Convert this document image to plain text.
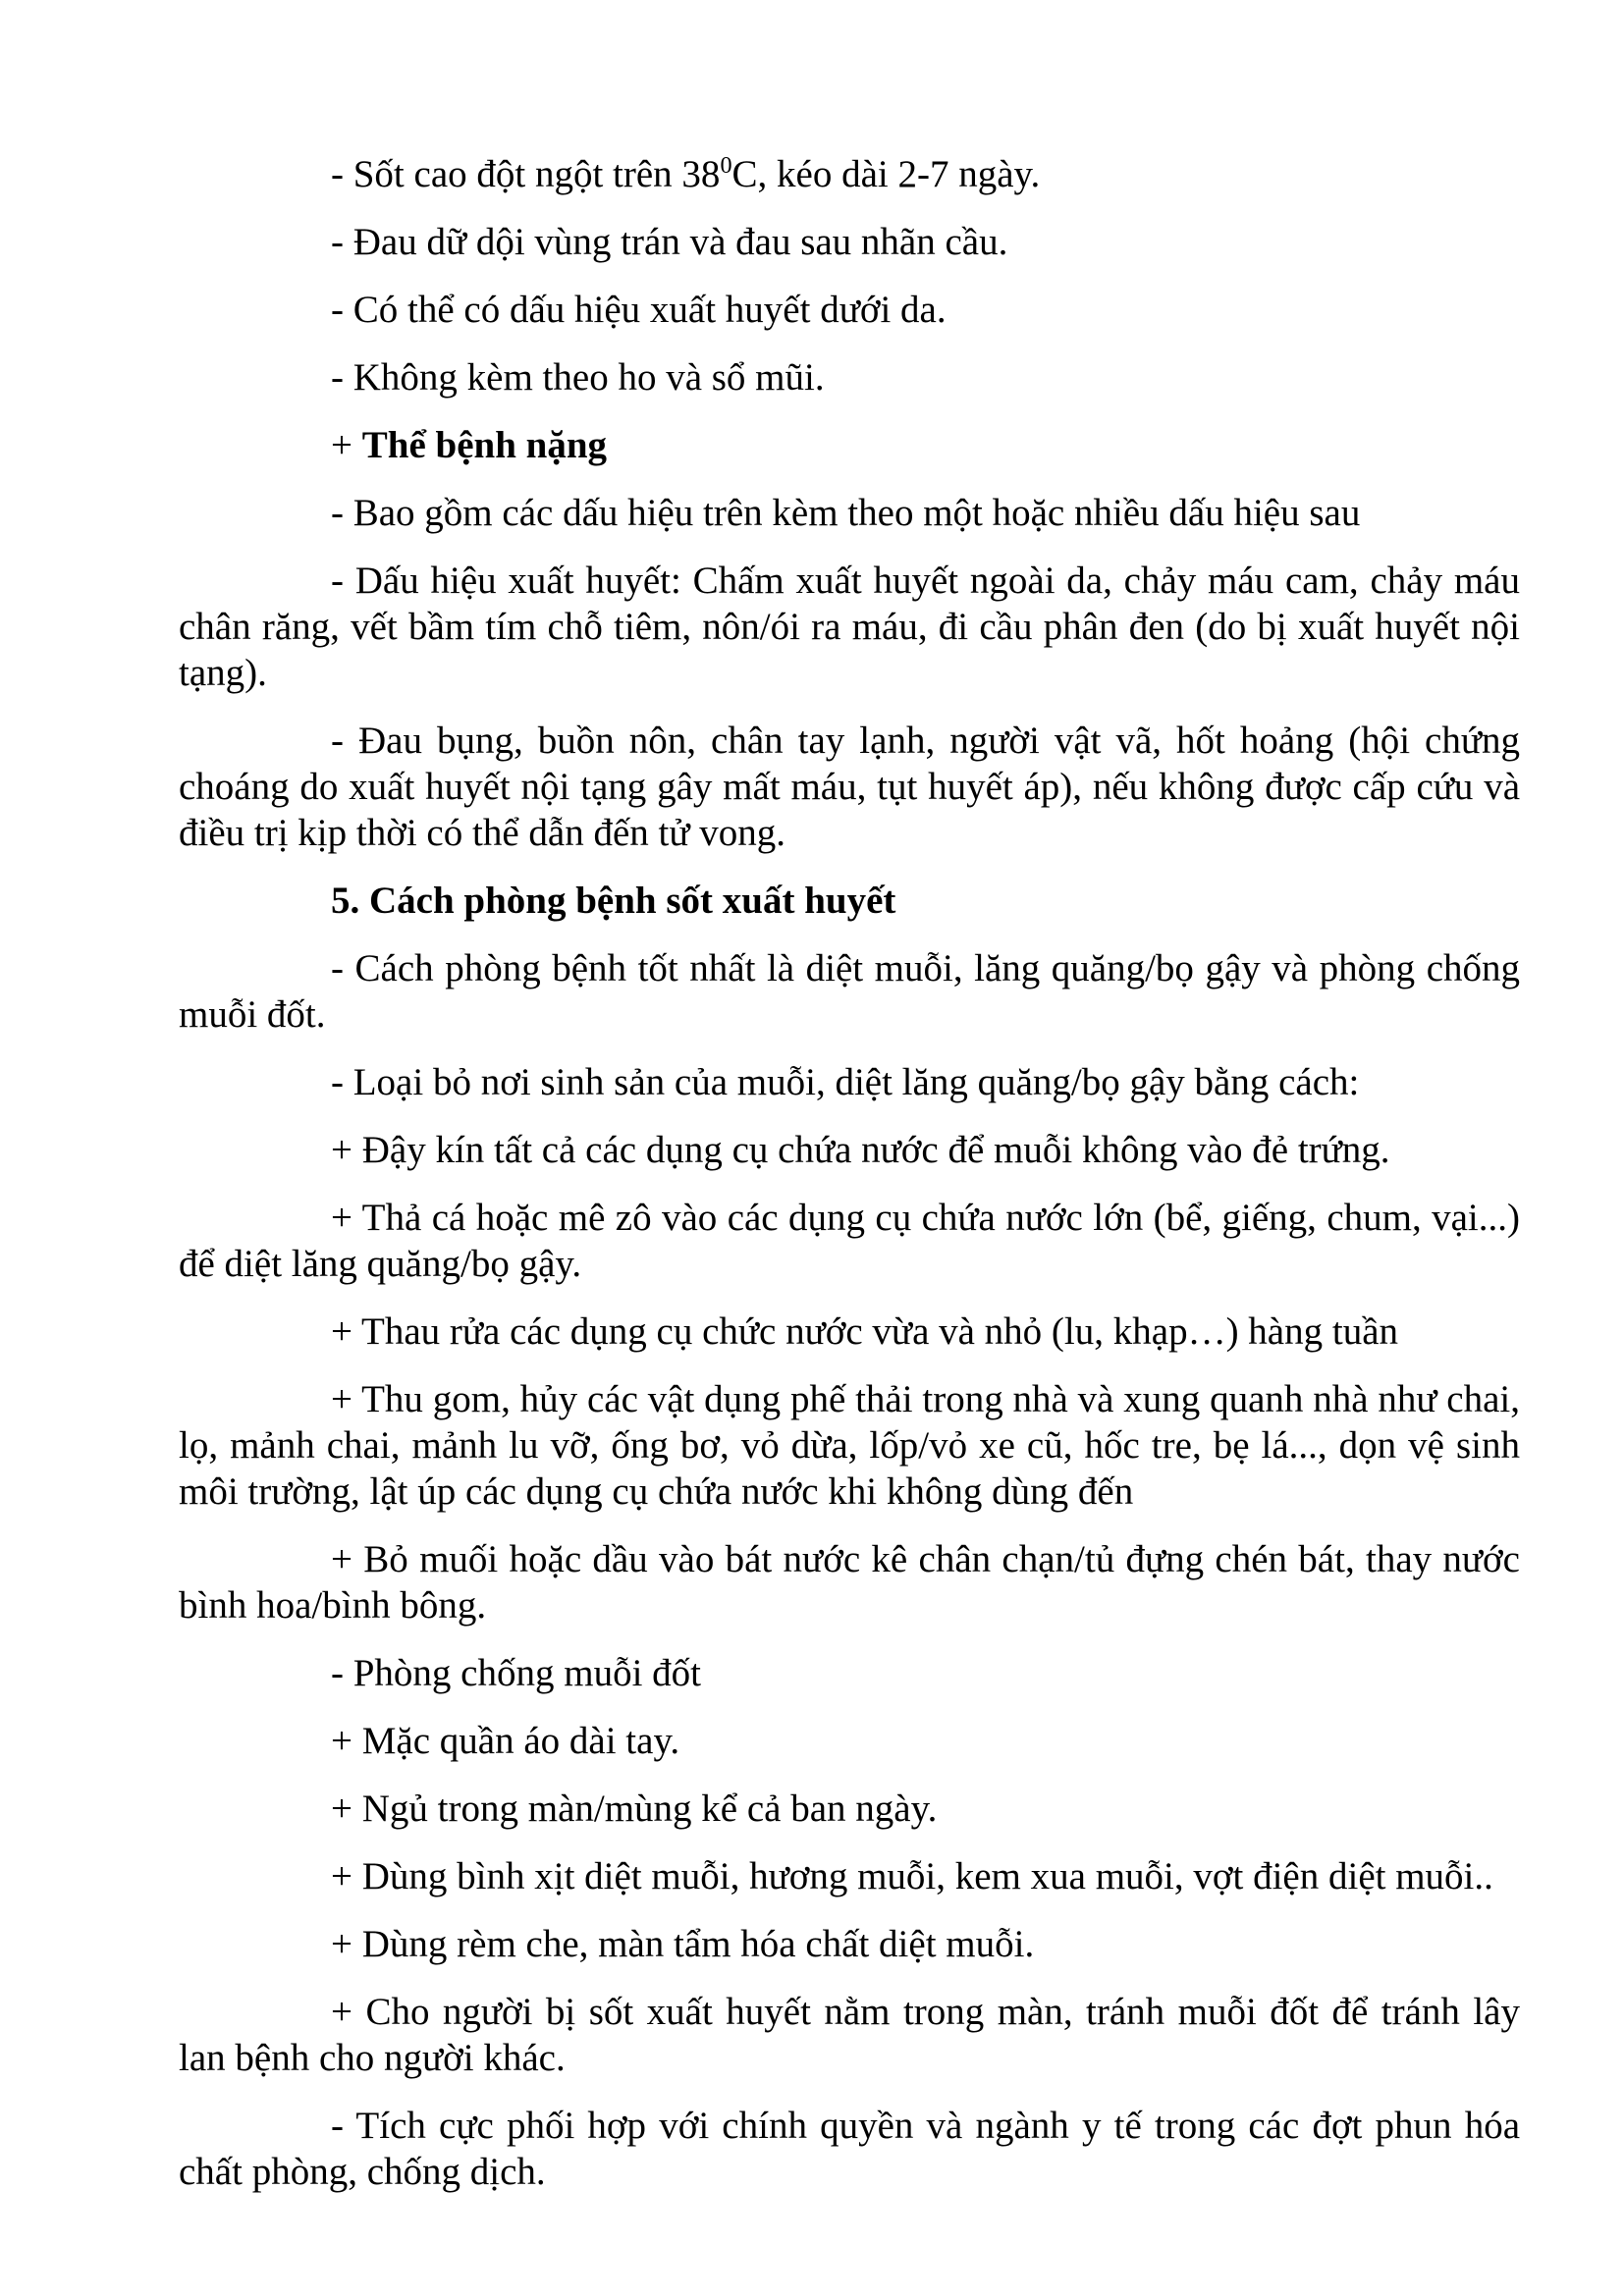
- Sốt cao đột ngột trên $38^0C$, kéo dài 2-7 ngày.

- Đau dữ dội vùng trán và đau sau nhãn cầu.

- Có thể có dấu hiệu xuất huyết dưới da.

- Không kèm theo ho và sổ mũi.

+ Thể bệnh nặng

- Bao gồm các dấu hiệu trên kèm theo một hoặc nhiều dấu hiệu sau

- Dấu hiệu xuất huyết: Chấm xuất huyết ngoài da, chảy máu cam, chảy máu chân răng, vết bầm tím chỗ tiêm, nôn/ói ra máu, đi cầu phân đen (do bị xuất huyết nội tạng).

- Đau bụng, buồn nôn, chân tay lạnh, người vật vã, hốt hoảng (hội chứng choáng do xuất huyết nội tạng gây mất máu, tụt huyết áp), nếu không được cấp cứu và điều trị kịp thời có thể dẫn đến tử vong.

5. Cách phòng bệnh sốt xuất huyết

- Cách phòng bệnh tốt nhất là diệt muỗi, lăng quăng/bọ gậy và phòng chống muỗi đốt.

- Loại bỏ nơi sinh sản của muỗi, diệt lăng quăng/bọ gậy bằng cách:

+ Đậy kín tất cả các dụng cụ chứa nước để muỗi không vào đẻ trứng.

+ Thả cá hoặc mê zô vào các dụng cụ chứa nước lớn (bể, giếng, chum, vại...) để diệt lăng quăng/bọ gậy.

+ Thau rửa các dụng cụ chức nước vừa và nhỏ (lu, khạp…) hàng tuần

+ Thu gom, hủy các vật dụng phế thải trong nhà và xung quanh nhà như chai, lọ, mảnh chai, mảnh lu vỡ, ống bơ, vỏ dừa, lốp/vỏ xe cũ, hốc tre, bẹ lá..., dọn vệ sinh môi trường, lật úp các dụng cụ chứa nước khi không dùng đến

+ Bỏ muối hoặc dầu vào bát nước kê chân chạn/tủ đựng chén bát, thay nước bình hoa/bình bông.

- Phòng chống muỗi đốt

+ Mặc quần áo dài tay.

+ Ngủ trong màn/mùng kể cả ban ngày.

+ Dùng bình xịt diệt muỗi, hương muỗi, kem xua muỗi, vợt điện diệt muỗi..

+ Dùng rèm che, màn tẩm hóa chất diệt muỗi.

+ Cho người bị sốt xuất huyết nằm trong màn, tránh muỗi đốt để tránh lây lan bệnh cho người khác.

- Tích cực phối hợp với chính quyền và ngành y tế trong các đợt phun hóa chất phòng, chống dịch.
